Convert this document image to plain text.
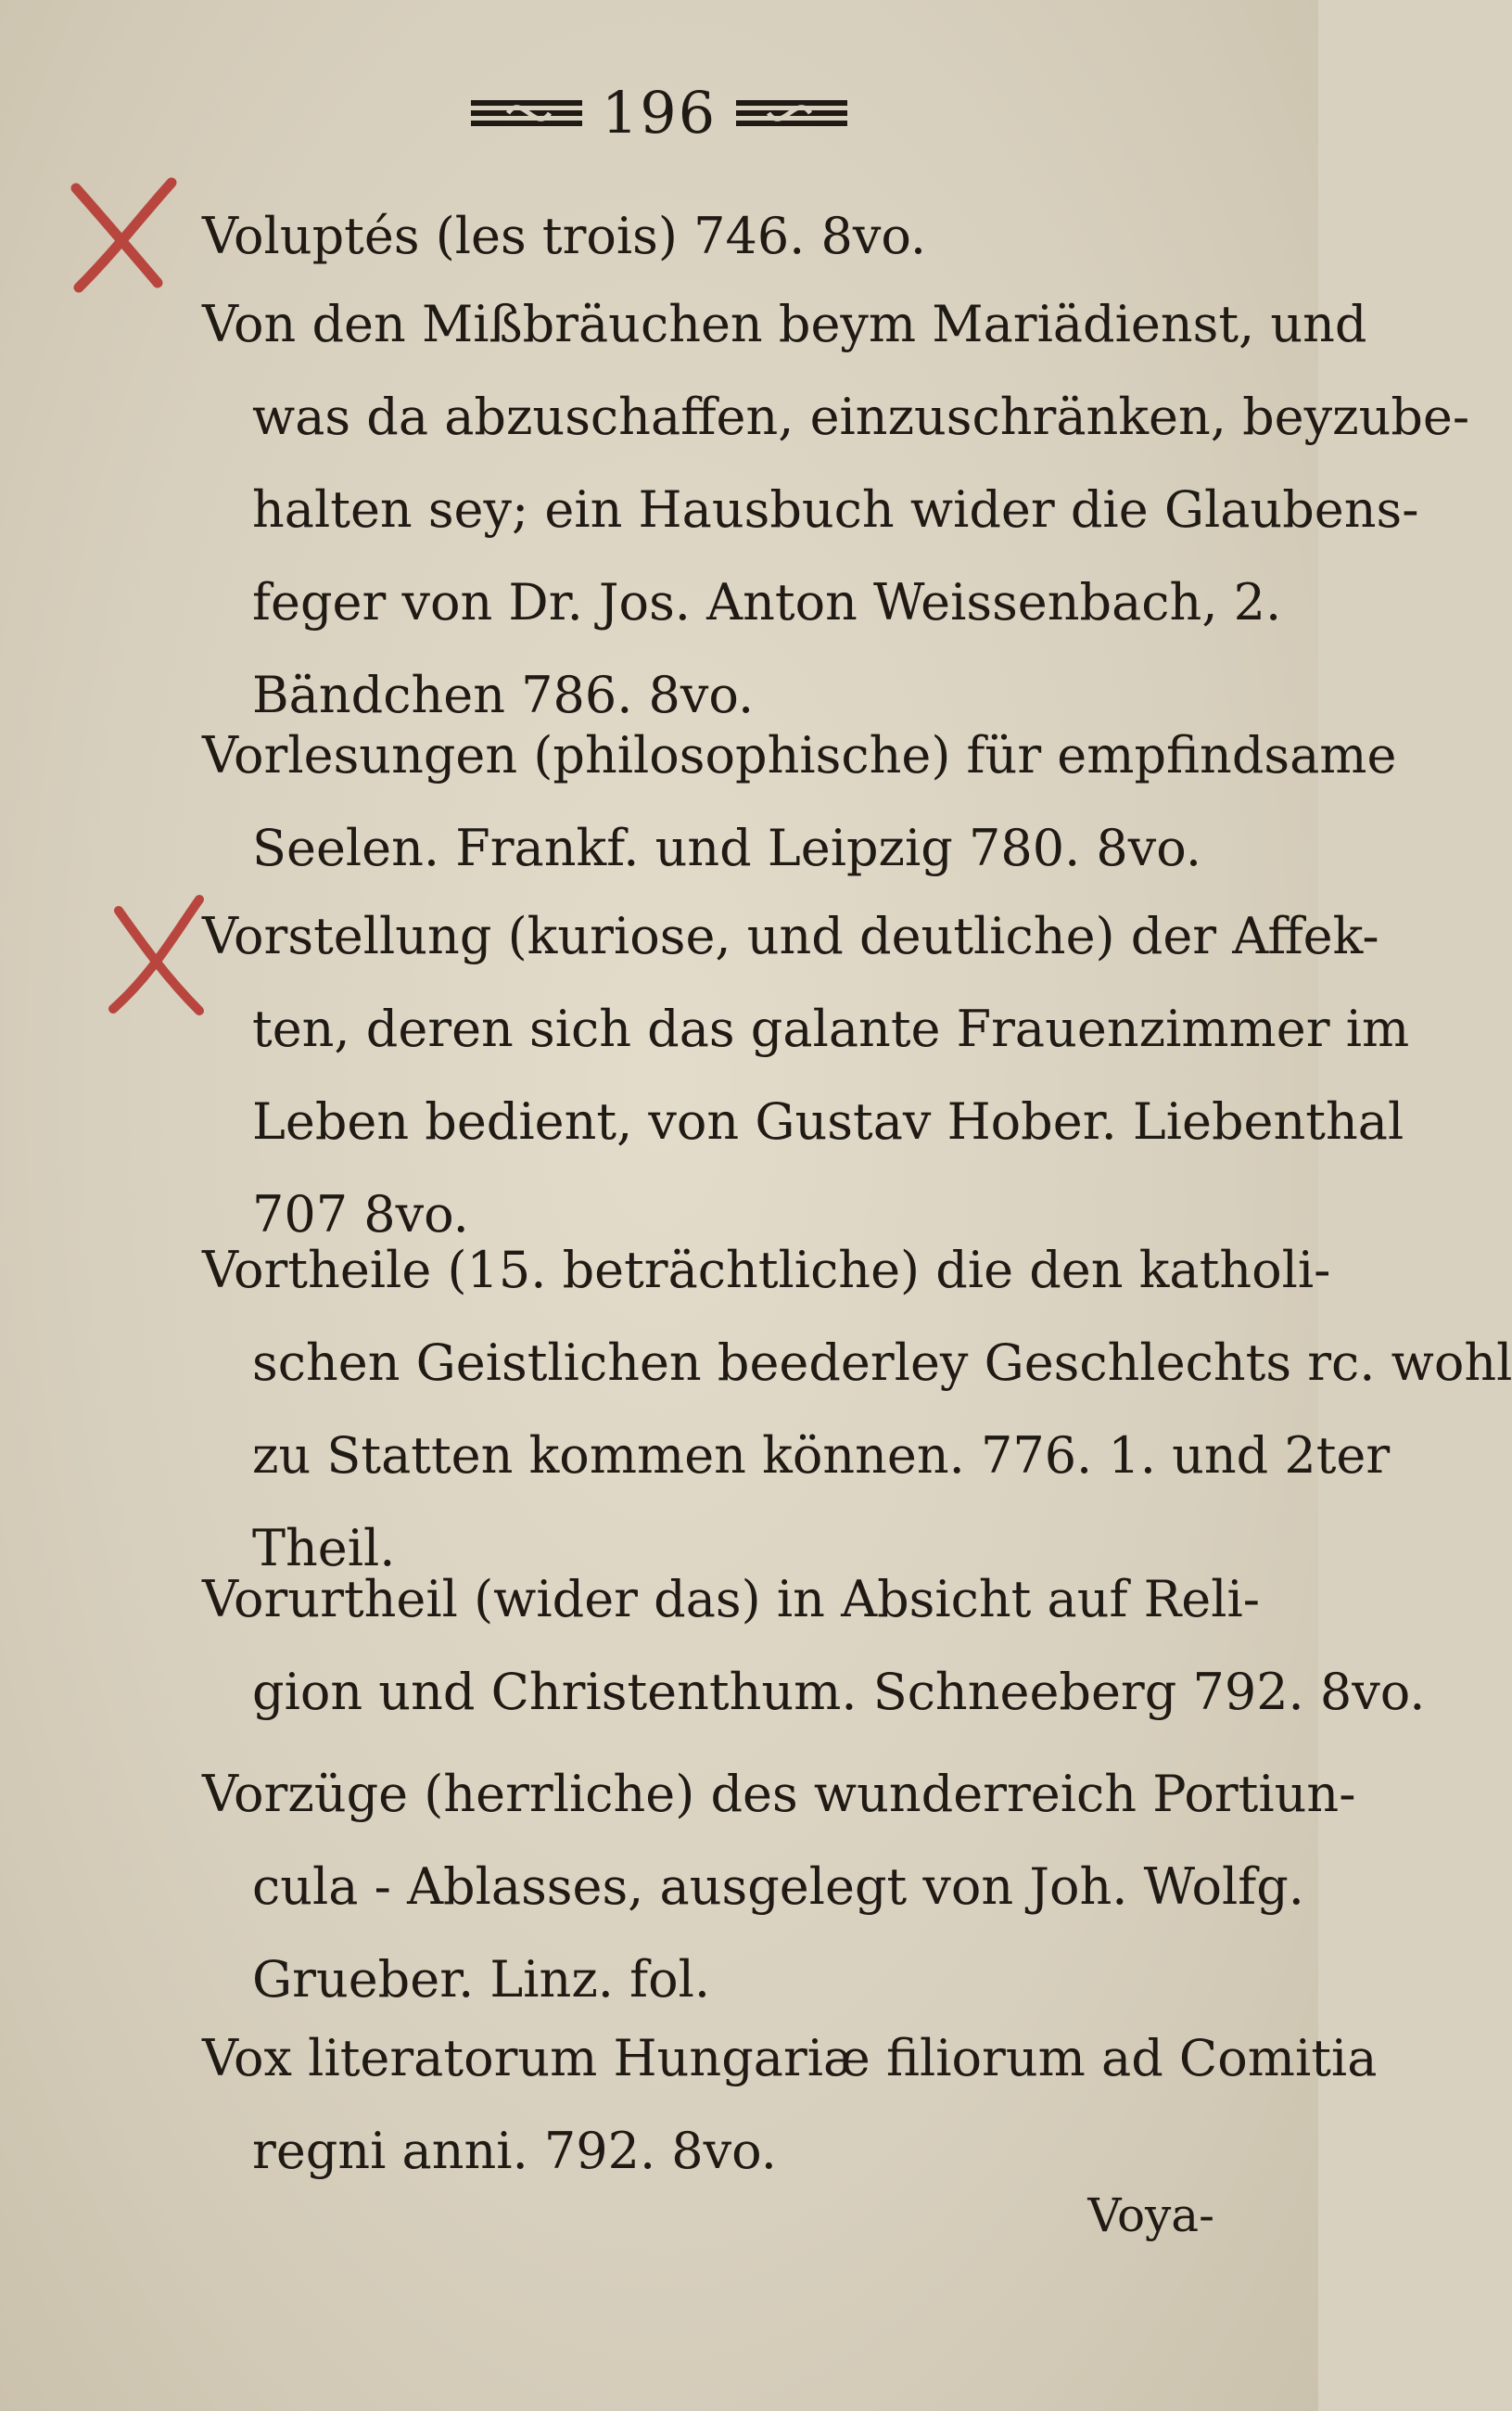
196
Voluptés (les trois) 746. 8vo.
Von den Mißbräuchen beym Mariädienst, und
was da abzuschaffen, einzuschränken, beyzube-
halten sey; ein Hausbuch wider die Glaubens-
feger von Dr. Jos. Anton Weissenbach, 2.
Bändchen 786. 8vo.
Vorlesungen (philosophische) für empfindsame
Seelen. Frankf. und Leipzig 780. 8vo.
Vorstellung (kuriose, und deutliche) der Affek-
ten, deren sich das galante Frauenzimmer im
Leben bedient, von Gustav Hober. Liebenthal
707 8vo.
Vortheile (15. beträchtliche) die den katholi-
schen Geistlichen beederley Geschlechts rc. wohl
zu Statten kommen können. 776. 1. und 2ter
Theil.
Vorurtheil (wider das) in Absicht auf Reli-
gion und Christenthum. Schneeberg 792. 8vo.
Vorzüge (herrliche) des wunderreich Portiun-
cula - Ablasses, ausgelegt von Joh. Wolfg.
Grueber. Linz. fol.
Vox literatorum Hungariæ filiorum ad Comitia
regni anni. 792. 8vo.
Voya-
